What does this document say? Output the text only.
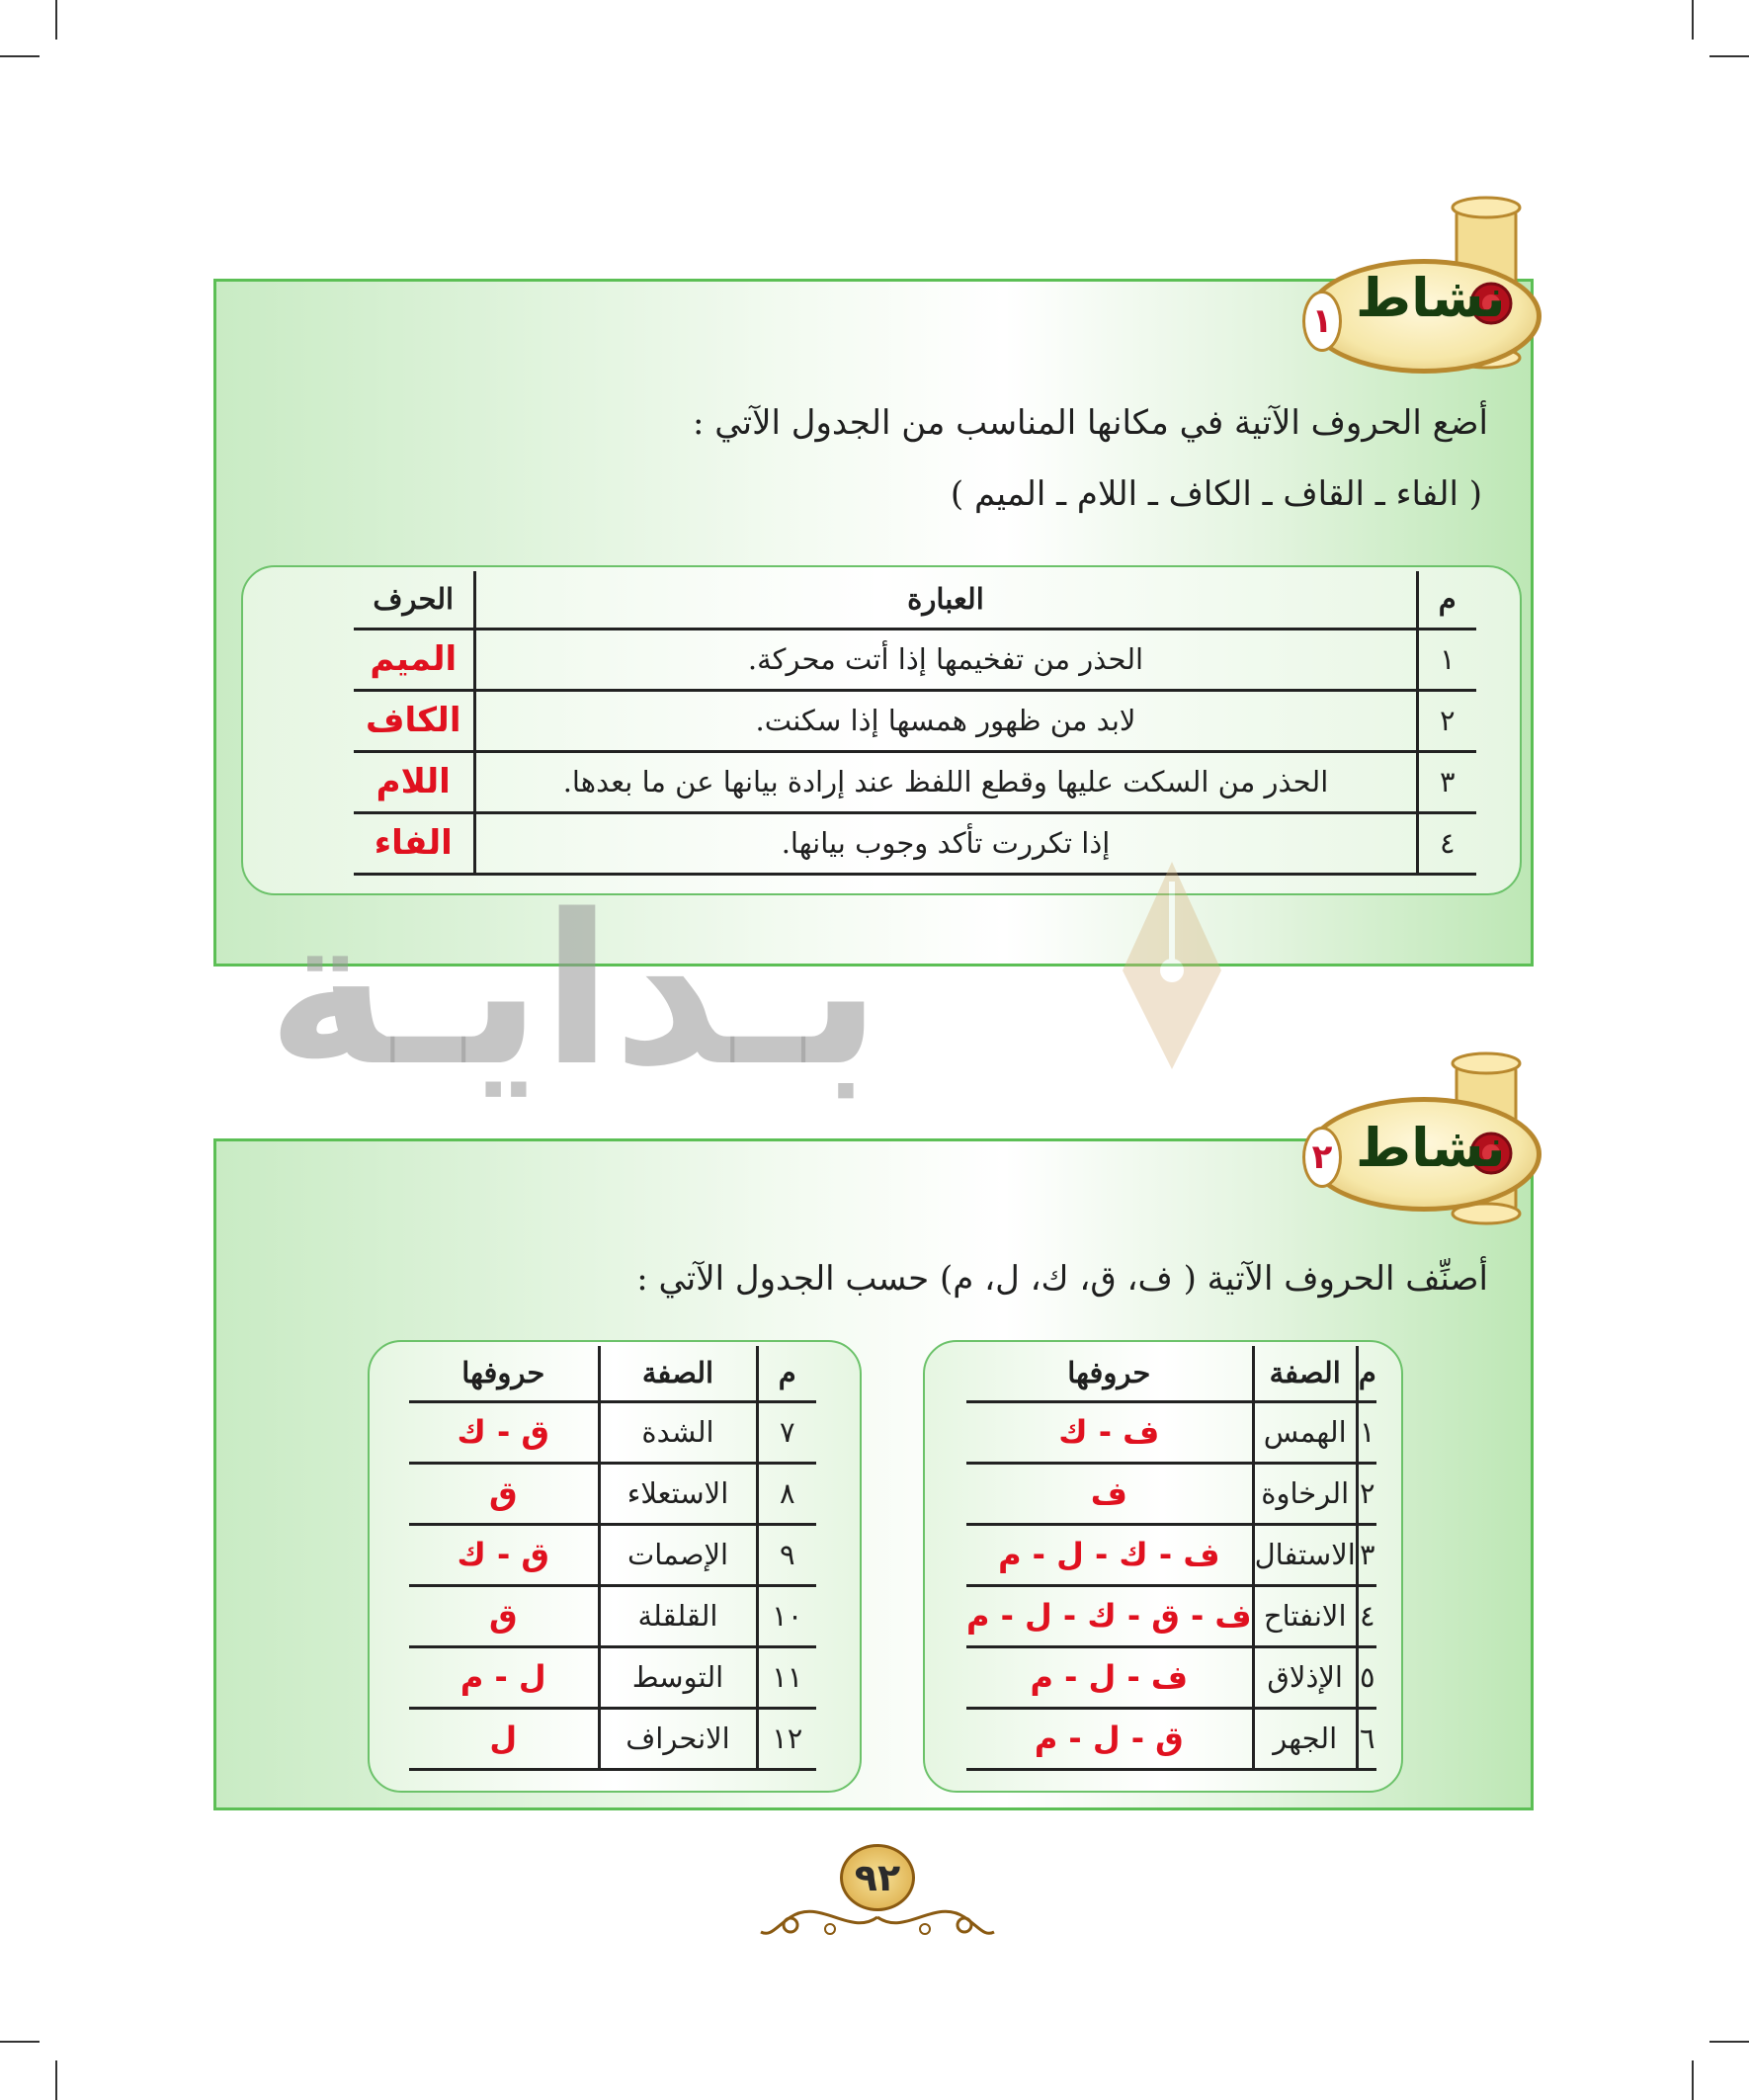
نشاط
١
أضع الحروف الآتية في مكانها المناسب من الجدول الآتي :
( الفاء ـ القاف ـ الكاف ـ اللام ـ الميم )
م	العبارة	الحرف
١	الحذر من تفخيمها إذا أتت محركة.	الميم
٢	لابد من ظهور همسها إذا سكنت.	الكاف
٣	الحذر من السكت عليها وقطع اللفظ عند إرادة بيانها عن ما بعدها.	اللام
٤	إذا تكررت تأكد وجوب بيانها.	الفاء
بـدايـة
نشاط
٢
أصنِّف الحروف الآتية ( ف، ق، ك، ل، م) حسب الجدول الآتي :
م	الصفة	حروفها
١	الهمس	ف - ك
٢	الرخاوة	ف
٣	الاستفال	ف - ك - ل - م
٤	الانفتاح	ف - ق - ك - ل - م
٥	الإذلاق	ف - ل - م
٦	الجهر	ق - ل - م
م	الصفة	حروفها
٧	الشدة	ق - ك
٨	الاستعلاء	ق
٩	الإصمات	ق - ك
١٠	القلقلة	ق
١١	التوسط	ل - م
١٢	الانحراف	ل
٩٢
